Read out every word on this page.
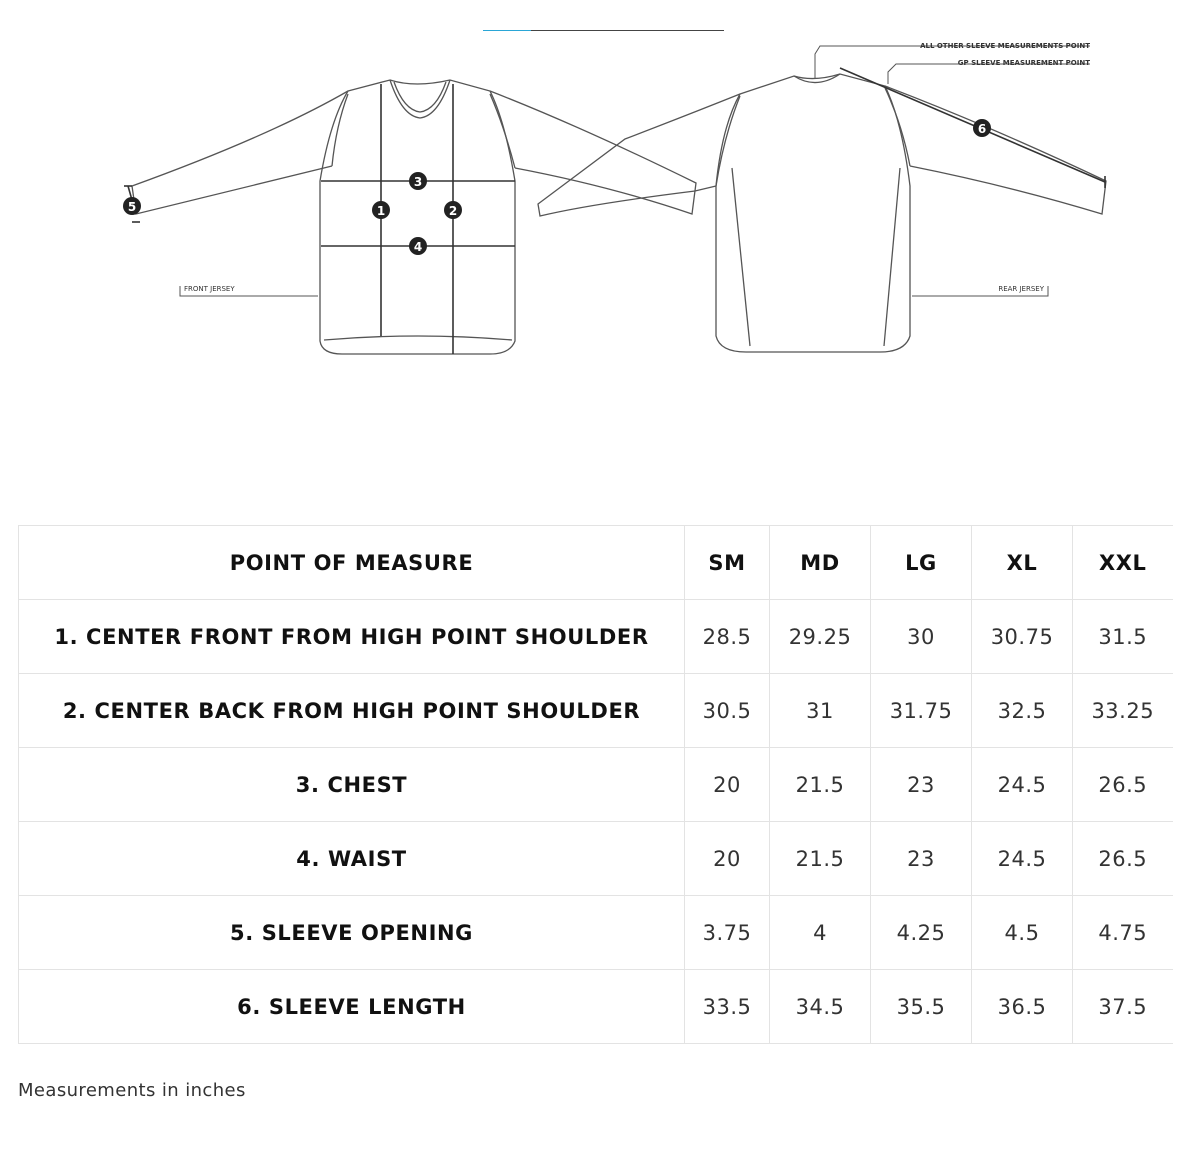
1	2
3
4
5
6
FRONT JERSEY	REAR JERSEY
ALL OTHER SLEEVE MEASUREMENTS POINT
GP SLEEVE MEASUREMENT POINT
POINT OF MEASURE	SM	MD	LG	XL	XXL
1. CENTER FRONT FROM HIGH POINT SHOULDER	28.5	29.25	30	30.75	31.5
2. CENTER BACK FROM HIGH POINT SHOULDER	30.5	31	31.75	32.5	33.25
3. CHEST	20	21.5	23	24.5	26.5
4. WAIST	20	21.5	23	24.5	26.5
5. SLEEVE OPENING	3.75	4	4.25	4.5	4.75
6. SLEEVE LENGTH	33.5	34.5	35.5	36.5	37.5
Measurements in inches
